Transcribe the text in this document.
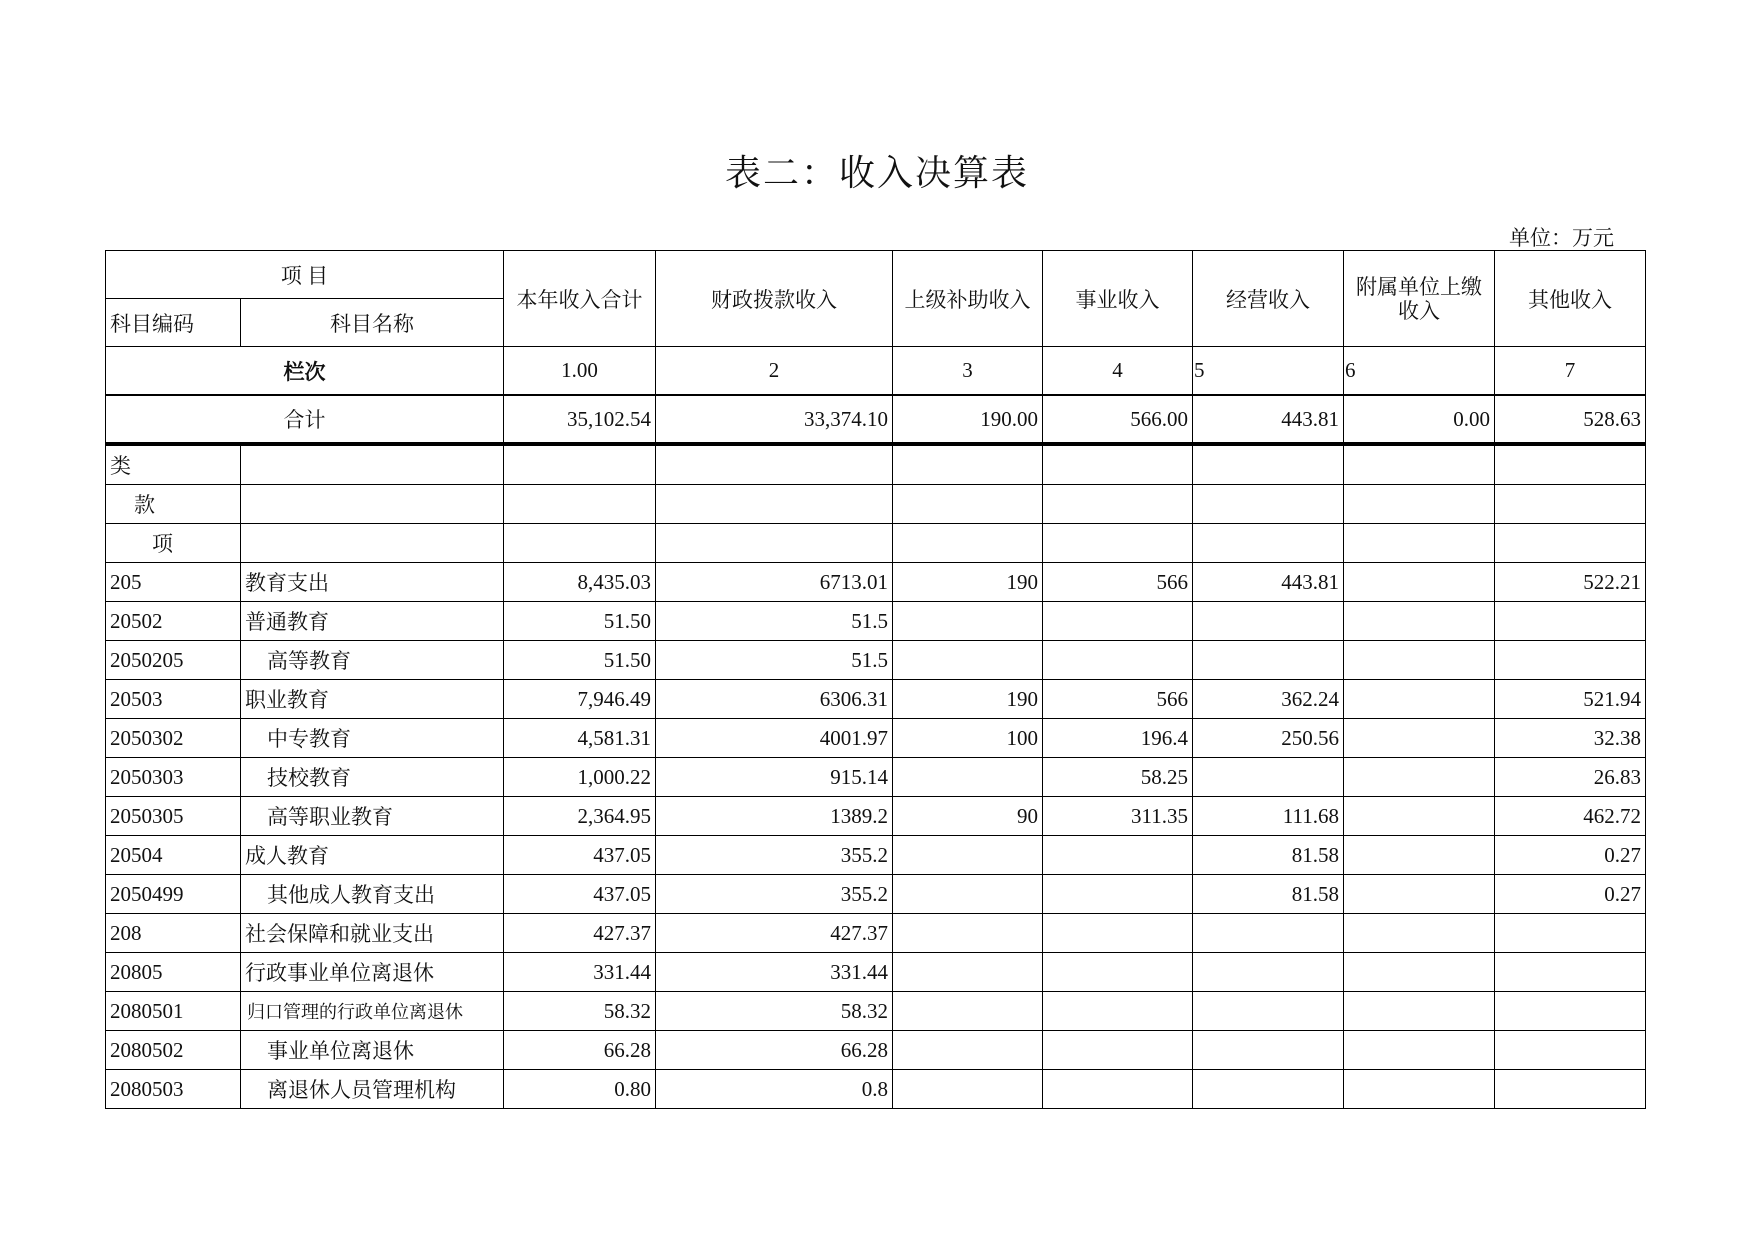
表二：收入决算表
单位：万元
项 目		本年收入合计	财政拨款收入	上级补助收入	事业收入	经营收入	附属单位上缴收入	其他收入
科目编码	科目名称							
栏次		1.00	2	3	4	5	6	7
合计		35,102.54	33,374.10	190.00	566.00	443.81	0.00	528.63
类								
款								
项								
205	教育支出	8,435.03	6713.01	190	566	443.81		522.21
20502	普通教育	51.50	51.5					
2050205	高等教育	51.50	51.5					
20503	职业教育	7,946.49	6306.31	190	566	362.24		521.94
2050302	中专教育	4,581.31	4001.97	100	196.4	250.56		32.38
2050303	技校教育	1,000.22	915.14		58.25			26.83
2050305	高等职业教育	2,364.95	1389.2	90	311.35	111.68		462.72
20504	成人教育	437.05	355.2			81.58		0.27
2050499	其他成人教育支出	437.05	355.2			81.58		0.27
208	社会保障和就业支出	427.37	427.37					
20805	行政事业单位离退休	331.44	331.44					
2080501	归口管理的行政单位离退休	58.32	58.32					
2080502	事业单位离退休	66.28	66.28					
2080503	离退休人员管理机构	0.80	0.8					
